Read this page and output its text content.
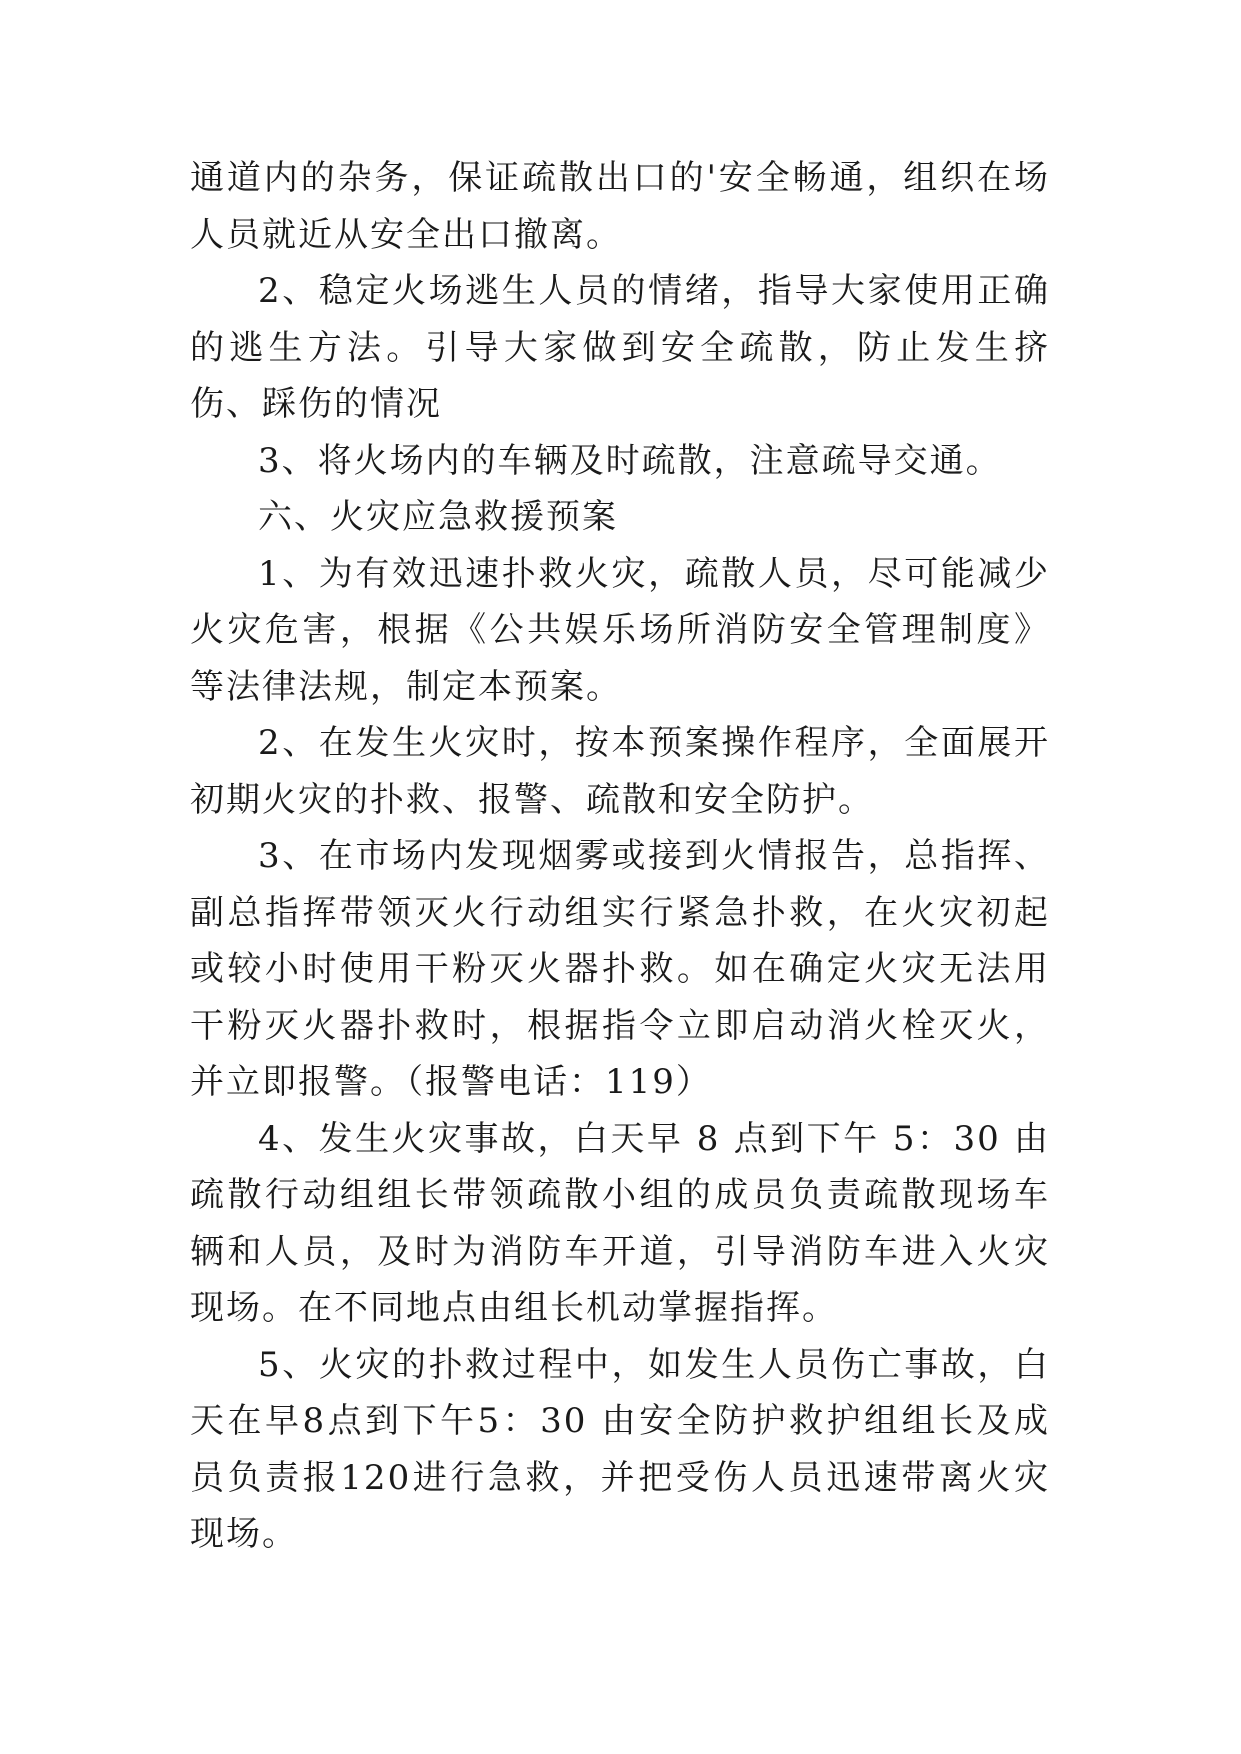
通道内的杂务，保证疏散出口的'安全畅通，组织在场人员就近从安全出口撤离。

2、稳定火场逃生人员的情绪，指导大家使用正确的逃生方法。引导大家做到安全疏散，防止发生挤伤、踩伤的情况

3、将火场内的车辆及时疏散，注意疏导交通。

六、火灾应急救援预案

1、为有效迅速扑救火灾，疏散人员，尽可能减少火灾危害，根据《公共娱乐场所消防安全管理制度》等法律法规，制定本预案。

2、在发生火灾时，按本预案操作程序，全面展开初期火灾的扑救、报警、疏散和安全防护。

3、在市场内发现烟雾或接到火情报告，总指挥、副总指挥带领灭火行动组实行紧急扑救，在火灾初起或较小时使用干粉灭火器扑救。如在确定火灾无法用干粉灭火器扑救时，根据指令立即启动消火栓灭火，并立即报警。（报警电话：119）

4、发生火灾事故，白天早 8 点到下午 5：30 由疏散行动组组长带领疏散小组的成员负责疏散现场车辆和人员，及时为消防车开道，引导消防车进入火灾现场。在不同地点由组长机动掌握指挥。

5、火灾的扑救过程中，如发生人员伤亡事故，白天在早8点到下午5：30 由安全防护救护组组长及成员负责报120进行急救，并把受伤人员迅速带离火灾现场。
